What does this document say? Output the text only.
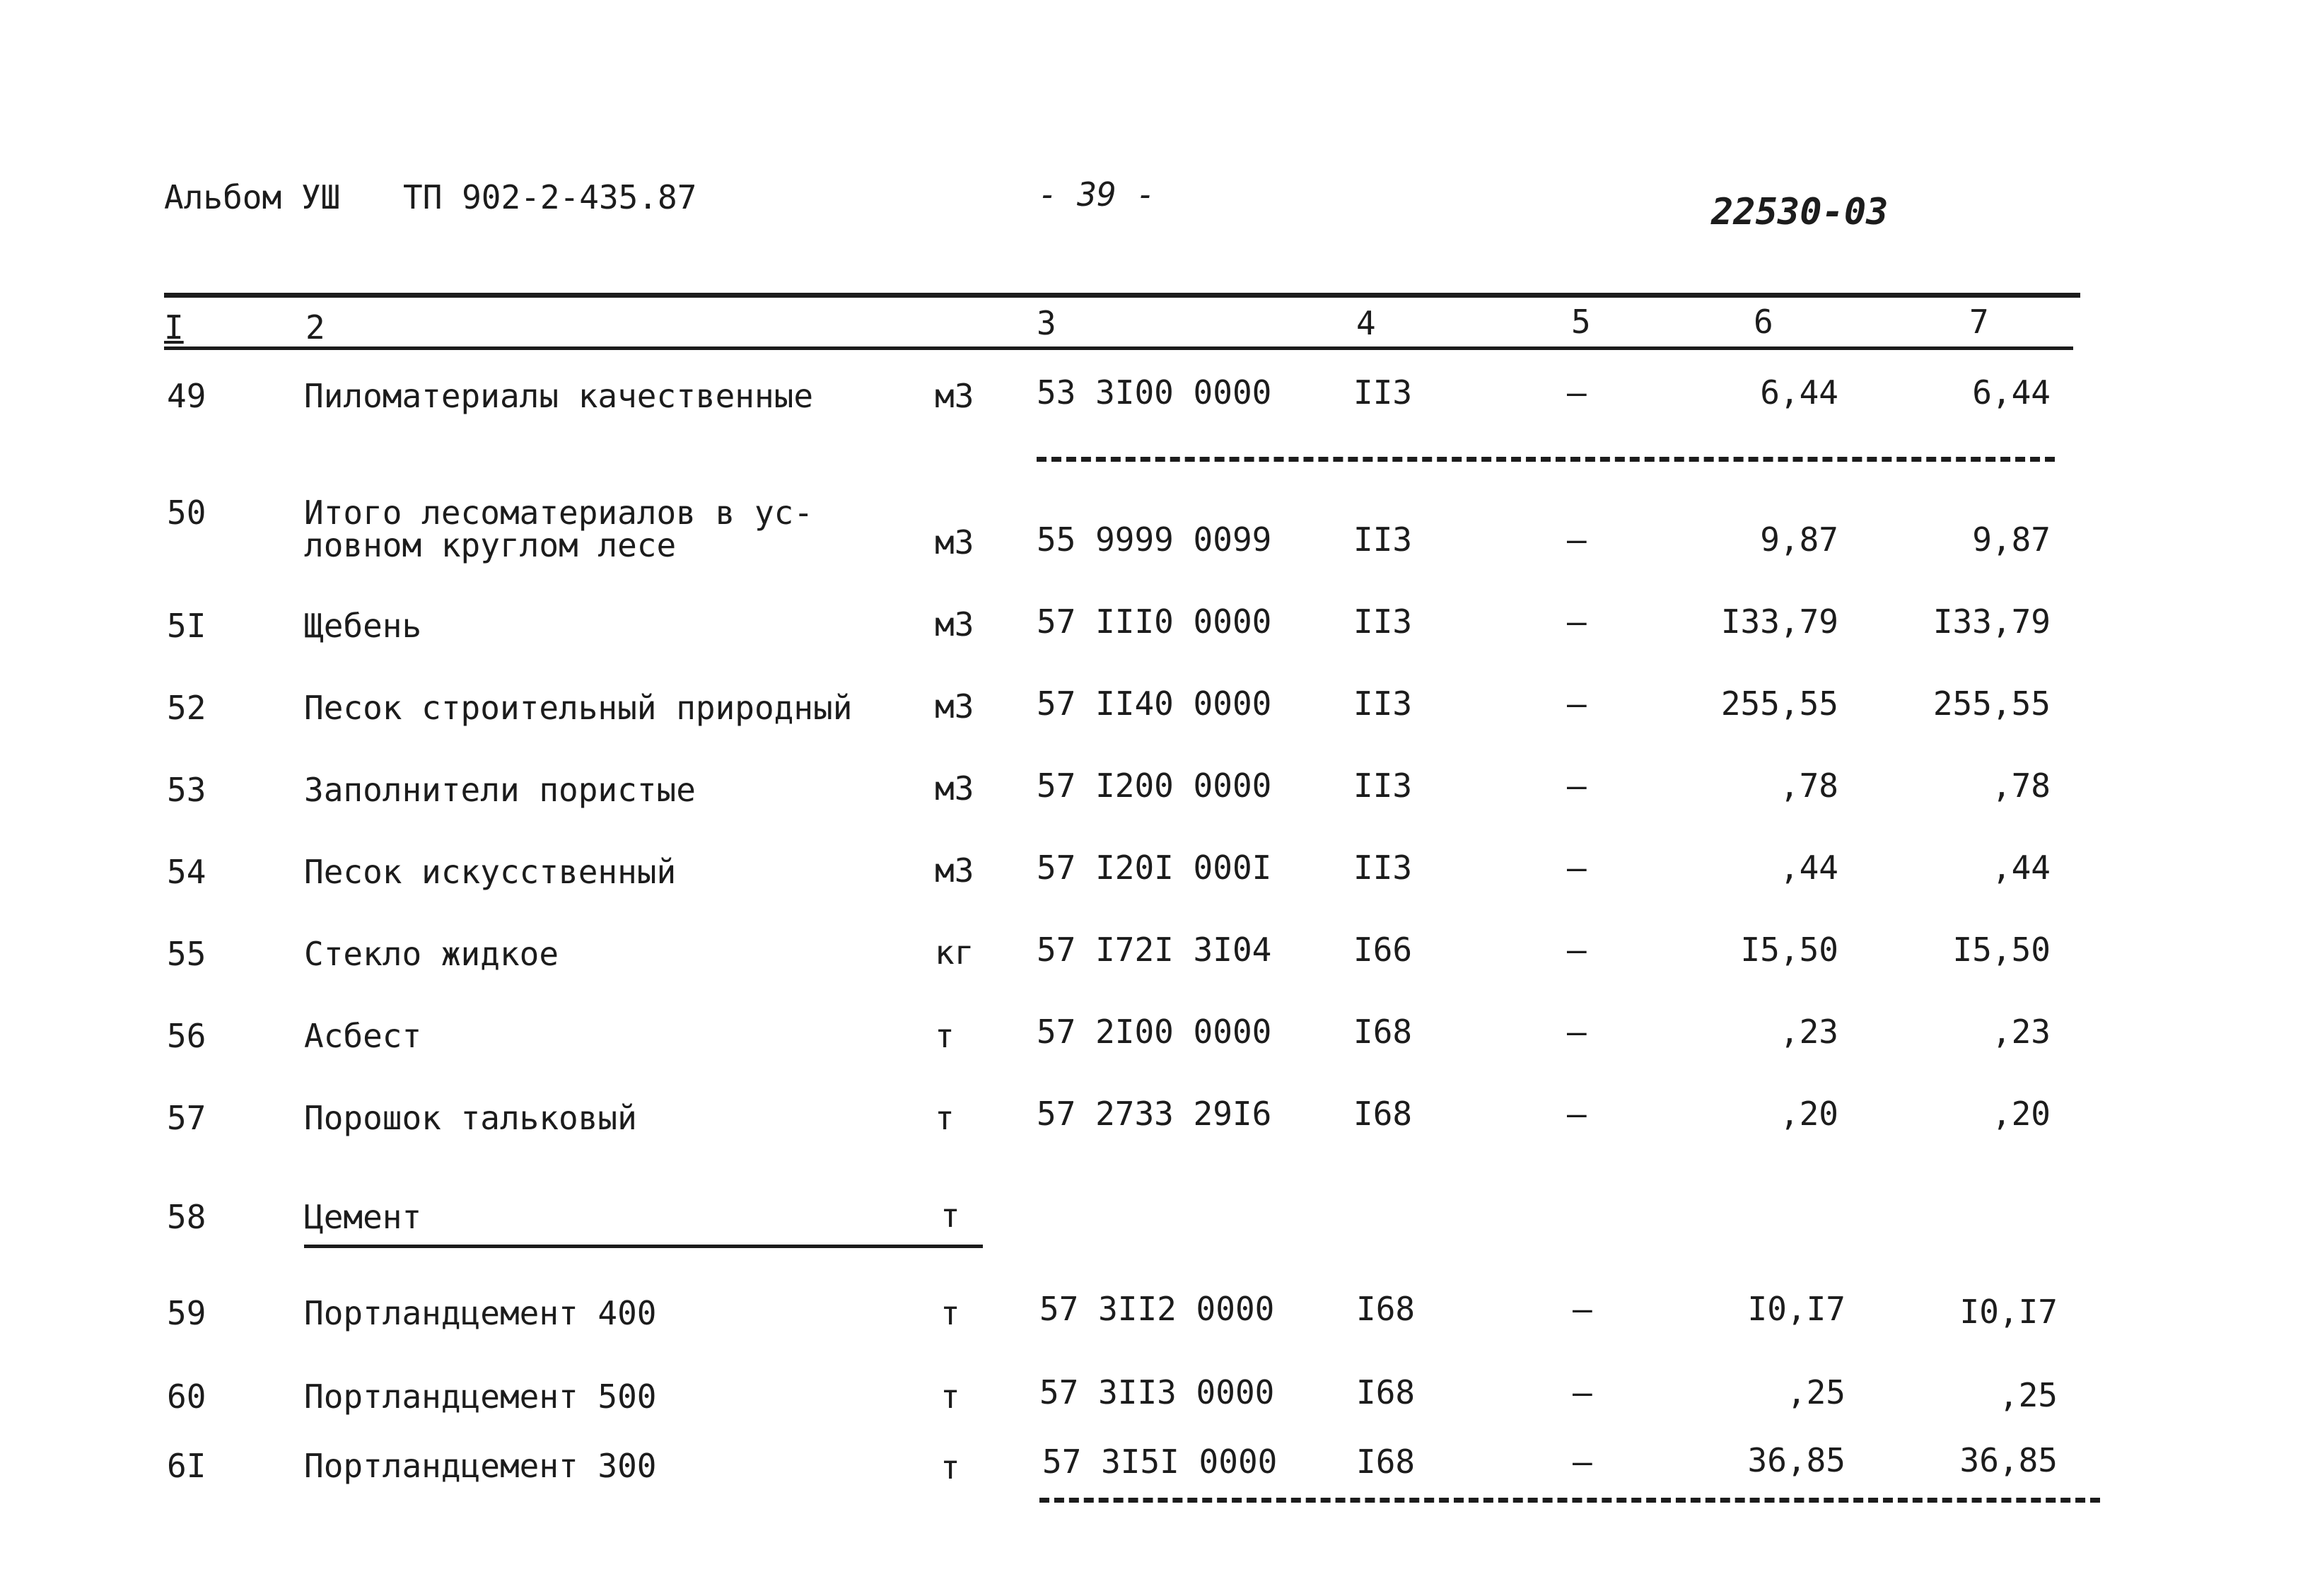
Альбом УШ ТП 902-2-435.87	- 39 -	22530-03
I	2	3	4	5	6	7
49	Пиломатериалы качественные	м3 53 3I00 0000	II3	–	6,44	6,44
50	Итого лесоматериалов в ус-
ловном круглом лесе	м3 55 9999 0099	II3	–	9,87	9,87
5I	Щебень	м3 57 III0 0000	II3	–	I33,79	I33,79
52	Песок строительный природный	м3 57 II40 0000	II3	–	255,55	255,55
53	Заполнители пористые	м3 57 I200 0000	II3	–	,78	,78
54	Песок искусственный	м3 57 I20I 000I	II3	–	,44	,44
55	Стекло жидкое	кг 57 I72I 3I04	I66	–	I5,50	I5,50
56	Асбест	т	57 2I00 0000	I68	–	,23	,23
57	Порошок тальковый	т	57 2733 29I6	I68	–	,20	,20
58	Цемент	т
59	Портландцемент 400	т 57 3II2 0000	I68	–	I0,I7	I0,I7
60	Портландцемент 500	т 57 3II3 0000	I68	–	,25	,25
6I	Портландцемент 300	т	57 3I5I 0000 I68	–	36,85	36,85
